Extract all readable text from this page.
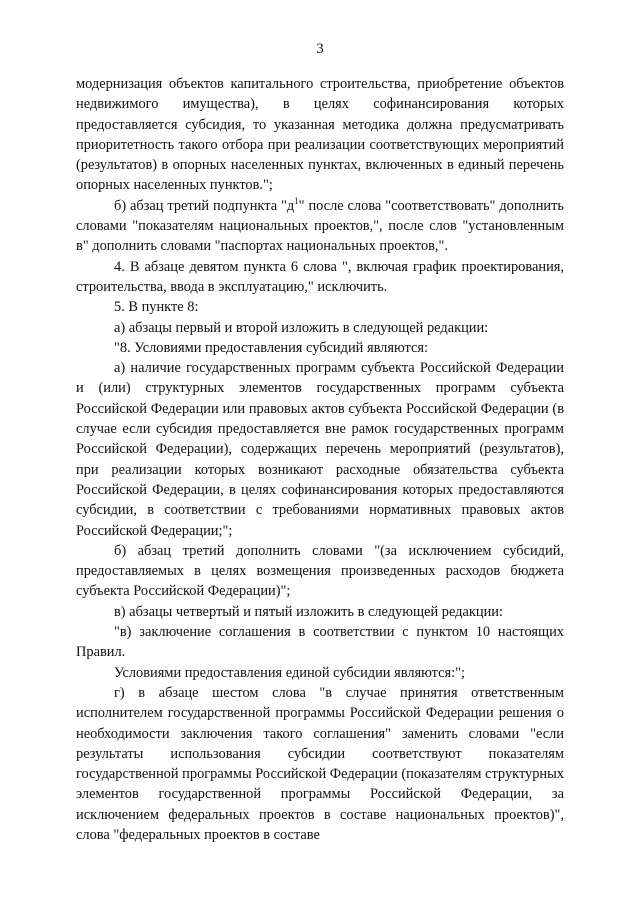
3

модернизация объектов капитального строительства, приобретение объектов недвижимого имущества), в целях софинансирования которых предоставляется субсидия, то указанная методика должна предусматривать приоритетность такого отбора при реализации соответствующих мероприятий (результатов) в опорных населенных пунктах, включенных в единый перечень опорных населенных пунктов.";

б) абзац третий подпункта "$д^1$" после слова "соответствовать" дополнить словами "показателям национальных проектов,", после слов "установленным в" дополнить словами "паспортах национальных проектов,".

4. В абзаце девятом пункта 6 слова ", включая график проектирования, строительства, ввода в эксплуатацию," исключить.

5. В пункте 8:

а) абзацы первый и второй изложить в следующей редакции:

"8. Условиями предоставления субсидий являются:

а) наличие государственных программ субъекта Российской Федерации и (или) структурных элементов государственных программ субъекта Российской Федерации или правовых актов субъекта Российской Федерации (в случае если субсидия предоставляется вне рамок государственных программ Российской Федерации), содержащих перечень мероприятий (результатов), при реализации которых возникают расходные обязательства субъекта Российской Федерации, в целях софинансирования которых предоставляются субсидии, в соответствии с требованиями нормативных правовых актов Российской Федерации;";

б) абзац третий дополнить словами "(за исключением субсидий, предоставляемых в целях возмещения произведенных расходов бюджета субъекта Российской Федерации)";

в) абзацы четвертый и пятый изложить в следующей редакции:

"в) заключение соглашения в соответствии с пунктом 10 настоящих Правил.

Условиями предоставления единой субсидии являются:";

г) в абзаце шестом слова "в случае принятия ответственным исполнителем государственной программы Российской Федерации решения о необходимости заключения такого соглашения" заменить словами "если результаты использования субсидии соответствуют показателям государственной программы Российской Федерации (показателям структурных элементов государственной программы Российской Федерации, за исключением федеральных проектов в составе национальных проектов)", слова "федеральных проектов в составе
